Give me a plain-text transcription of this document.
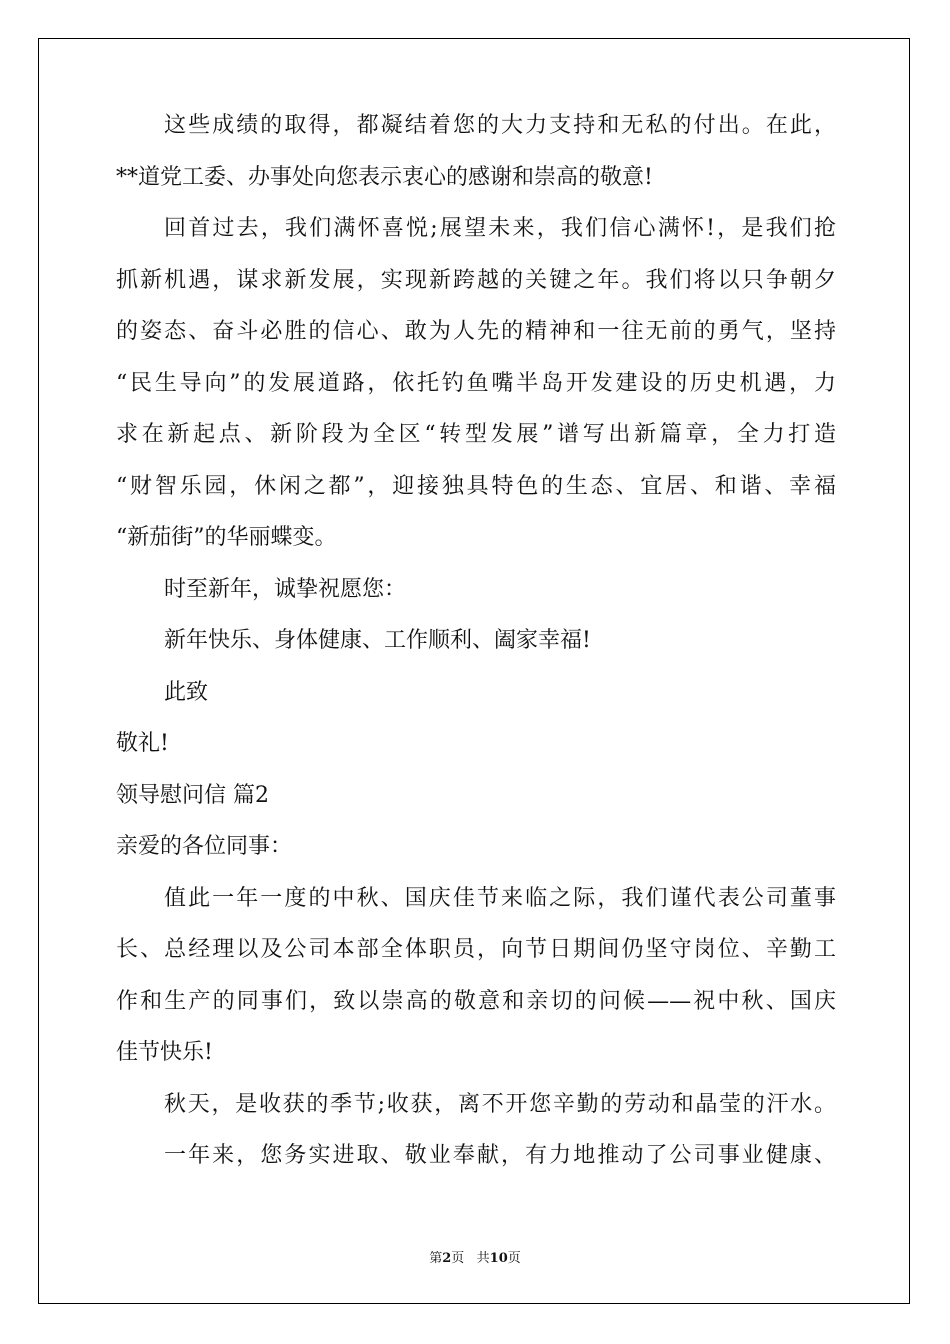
这些成绩的取得，都凝结着您的大力支持和无私的付出。在此，
**道党工委、办事处向您表示衷心的感谢和崇高的敬意!
回首过去，我们满怀喜悦;展望未来，我们信心满怀!，是我们抢
抓新机遇，谋求新发展，实现新跨越的关键之年。我们将以只争朝夕
的姿态、奋斗必胜的信心、敢为人先的精神和一往无前的勇气，坚持
“民生导向”的发展道路，依托钓鱼嘴半岛开发建设的历史机遇，力
求在新起点、新阶段为全区“转型发展”谱写出新篇章，全力打造
“财智乐园，休闲之都”，迎接独具特色的生态、宜居、和谐、幸福
“新茄街”的华丽蝶变。
时至新年，诚挚祝愿您：
新年快乐、身体健康、工作顺利、阖家幸福!
此致
敬礼!
领导慰问信 篇2
亲爱的各位同事：
值此一年一度的中秋、国庆佳节来临之际，我们谨代表公司董事
长、总经理以及公司本部全体职员，向节日期间仍坚守岗位、辛勤工
作和生产的同事们，致以崇高的敬意和亲切的问候——祝中秋、国庆
佳节快乐!
秋天，是收获的季节;收获，离不开您辛勤的劳动和晶莹的汗水。
一年来，您务实进取、敬业奉献，有力地推动了公司事业健康、
第2页   共10页
